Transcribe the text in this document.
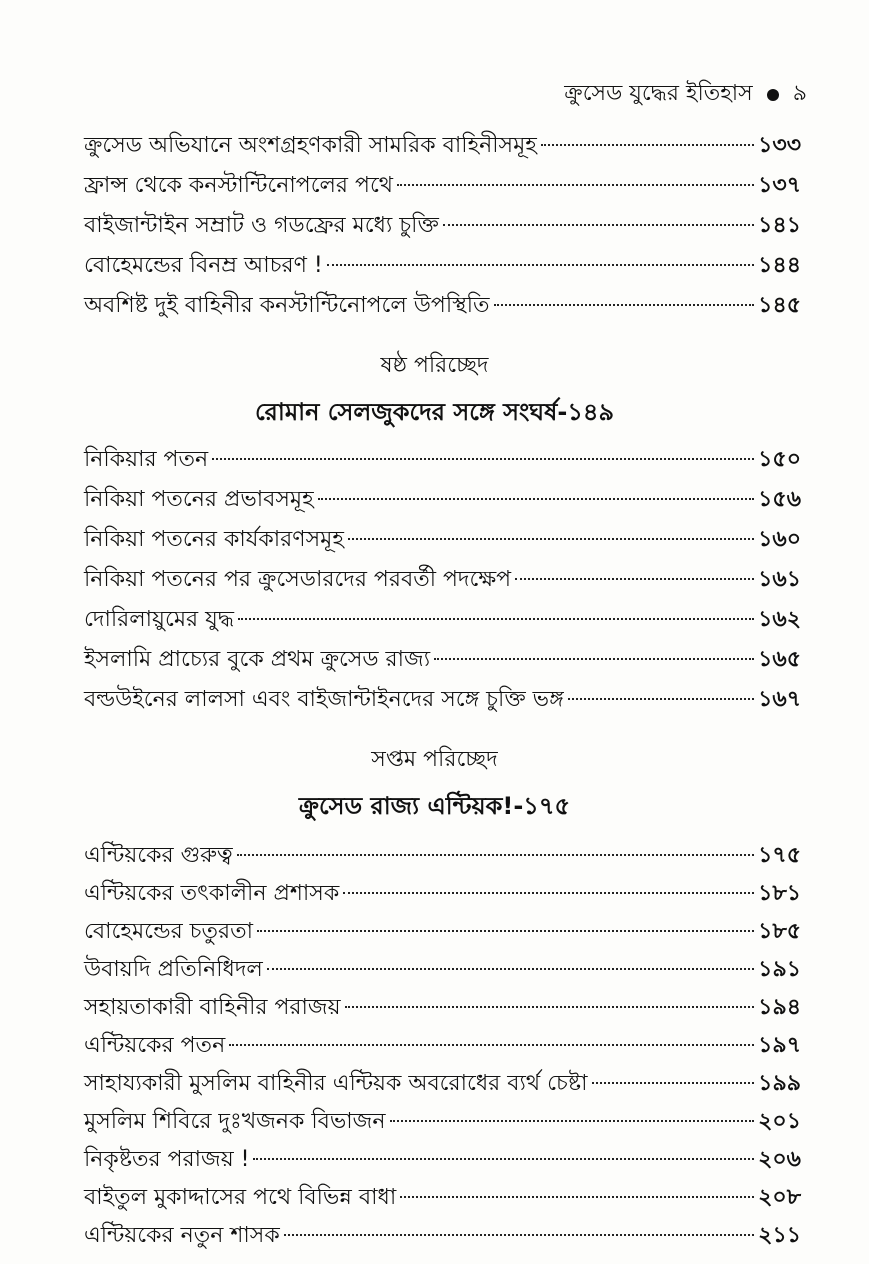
ক্রুসেড যুদ্ধের ইতিহাস ৯
ক্রুসেড অভিযানে অংশগ্রহণকারী সামরিক বাহিনীসমূহ	১৩৩
ফ্রান্স থেকে কনস্টান্টিনোপলের পথে	১৩৭
বাইজান্টাইন সম্রাট ও গডফ্রের মধ্যে চুক্তি	১৪১
বোহেমন্ডের বিনম্র আচরণ !	১৪৪
অবশিষ্ট দুই বাহিনীর কনস্টান্টিনোপলে উপস্থিতি	১৪৫
ষষ্ঠ পরিচ্ছেদ
রোমান সেলজুকদের সঙ্গে সংঘর্ষ-১৪৯
নিকিয়ার পতন	১৫০
নিকিয়া পতনের প্রভাবসমূহ	১৫৬
নিকিয়া পতনের কার্যকারণসমূহ	১৬০
নিকিয়া পতনের পর ক্রুসেডারদের পরবর্তী পদক্ষেপ	১৬১
দোরিলায়ুমের যুদ্ধ	১৬২
ইসলামি প্রাচ্যের বুকে প্রথম ক্রুসেড রাজ্য	১৬৫
বল্ডউইনের লালসা এবং বাইজান্টাইনদের সঙ্গে চুক্তি ভঙ্গ	১৬৭
সপ্তম পরিচ্ছেদ
ক্রুসেড রাজ্য এন্টিয়ক!-১৭৫
এন্টিয়কের গুরুত্ব	১৭৫
এন্টিয়কের তৎকালীন প্রশাসক	১৮১
বোহেমন্ডের চতুরতা	১৮৫
উবায়দি প্রতিনিধিদল	১৯১
সহায়তাকারী বাহিনীর পরাজয়	১৯৪
এন্টিয়কের পতন	১৯৭
সাহায্যকারী মুসলিম বাহিনীর এন্টিয়ক অবরোধের ব্যর্থ চেষ্টা	১৯৯
মুসলিম শিবিরে দুঃখজনক বিভাজন	২০১
নিকৃষ্টতর পরাজয় !	২০৬
বাইতুল মুকাদ্দাসের পথে বিভিন্ন বাধা	২০৮
এন্টিয়কের নতুন শাসক	২১১
